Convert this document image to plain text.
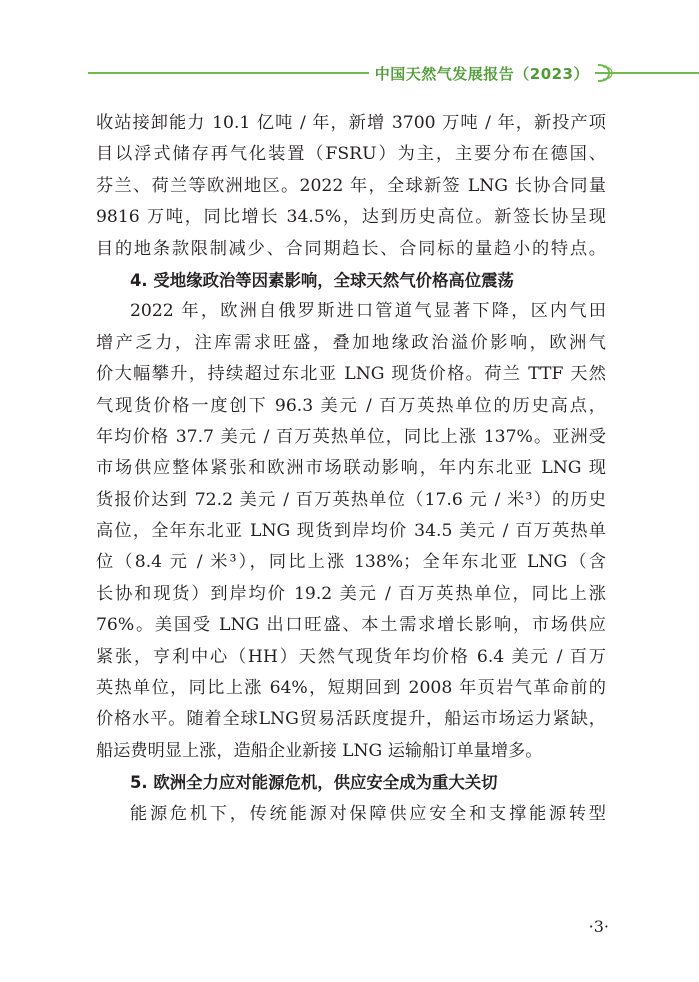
中国天然气发展报告（2023）
收站接卸能力 10.1 亿吨 / 年，新增 3700 万吨 / 年，新投产项
目以浮式储存再气化装置（FSRU）为主，主要分布在德国、
芬兰、荷兰等欧洲地区。2022 年，全球新签 LNG 长协合同量
9816 万吨，同比增长 34.5%，达到历史高位。新签长协呈现
目的地条款限制减少、合同期趋长、合同标的量趋小的特点。
4. 受地缘政治等因素影响，全球天然气价格高位震荡
2022 年，欧洲自俄罗斯进口管道气显著下降，区内气田
增产乏力，注库需求旺盛，叠加地缘政治溢价影响，欧洲气
价大幅攀升，持续超过东北亚 LNG 现货价格。荷兰 TTF 天然
气现货价格一度创下 96.3 美元 / 百万英热单位的历史高点，
年均价格 37.7 美元 / 百万英热单位，同比上涨 137%。亚洲受
市场供应整体紧张和欧洲市场联动影响，年内东北亚 LNG 现
货报价达到 72.2 美元 / 百万英热单位（17.6 元 / 米³）的历史
高位，全年东北亚 LNG 现货到岸均价 34.5 美元 / 百万英热单
位（8.4 元 / 米³），同比上涨 138%；全年东北亚 LNG（含
长协和现货）到岸均价 19.2 美元 / 百万英热单位，同比上涨
76%。美国受 LNG 出口旺盛、本土需求增长影响，市场供应
紧张，亨利中心（HH）天然气现货年均价格 6.4 美元 / 百万
英热单位，同比上涨 64%，短期回到 2008 年页岩气革命前的
价格水平。随着全球LNG贸易活跃度提升，船运市场运力紧缺，
船运费明显上涨，造船企业新接 LNG 运输船订单量增多。
5. 欧洲全力应对能源危机，供应安全成为重大关切
能源危机下，传统能源对保障供应安全和支撑能源转型
·3·
